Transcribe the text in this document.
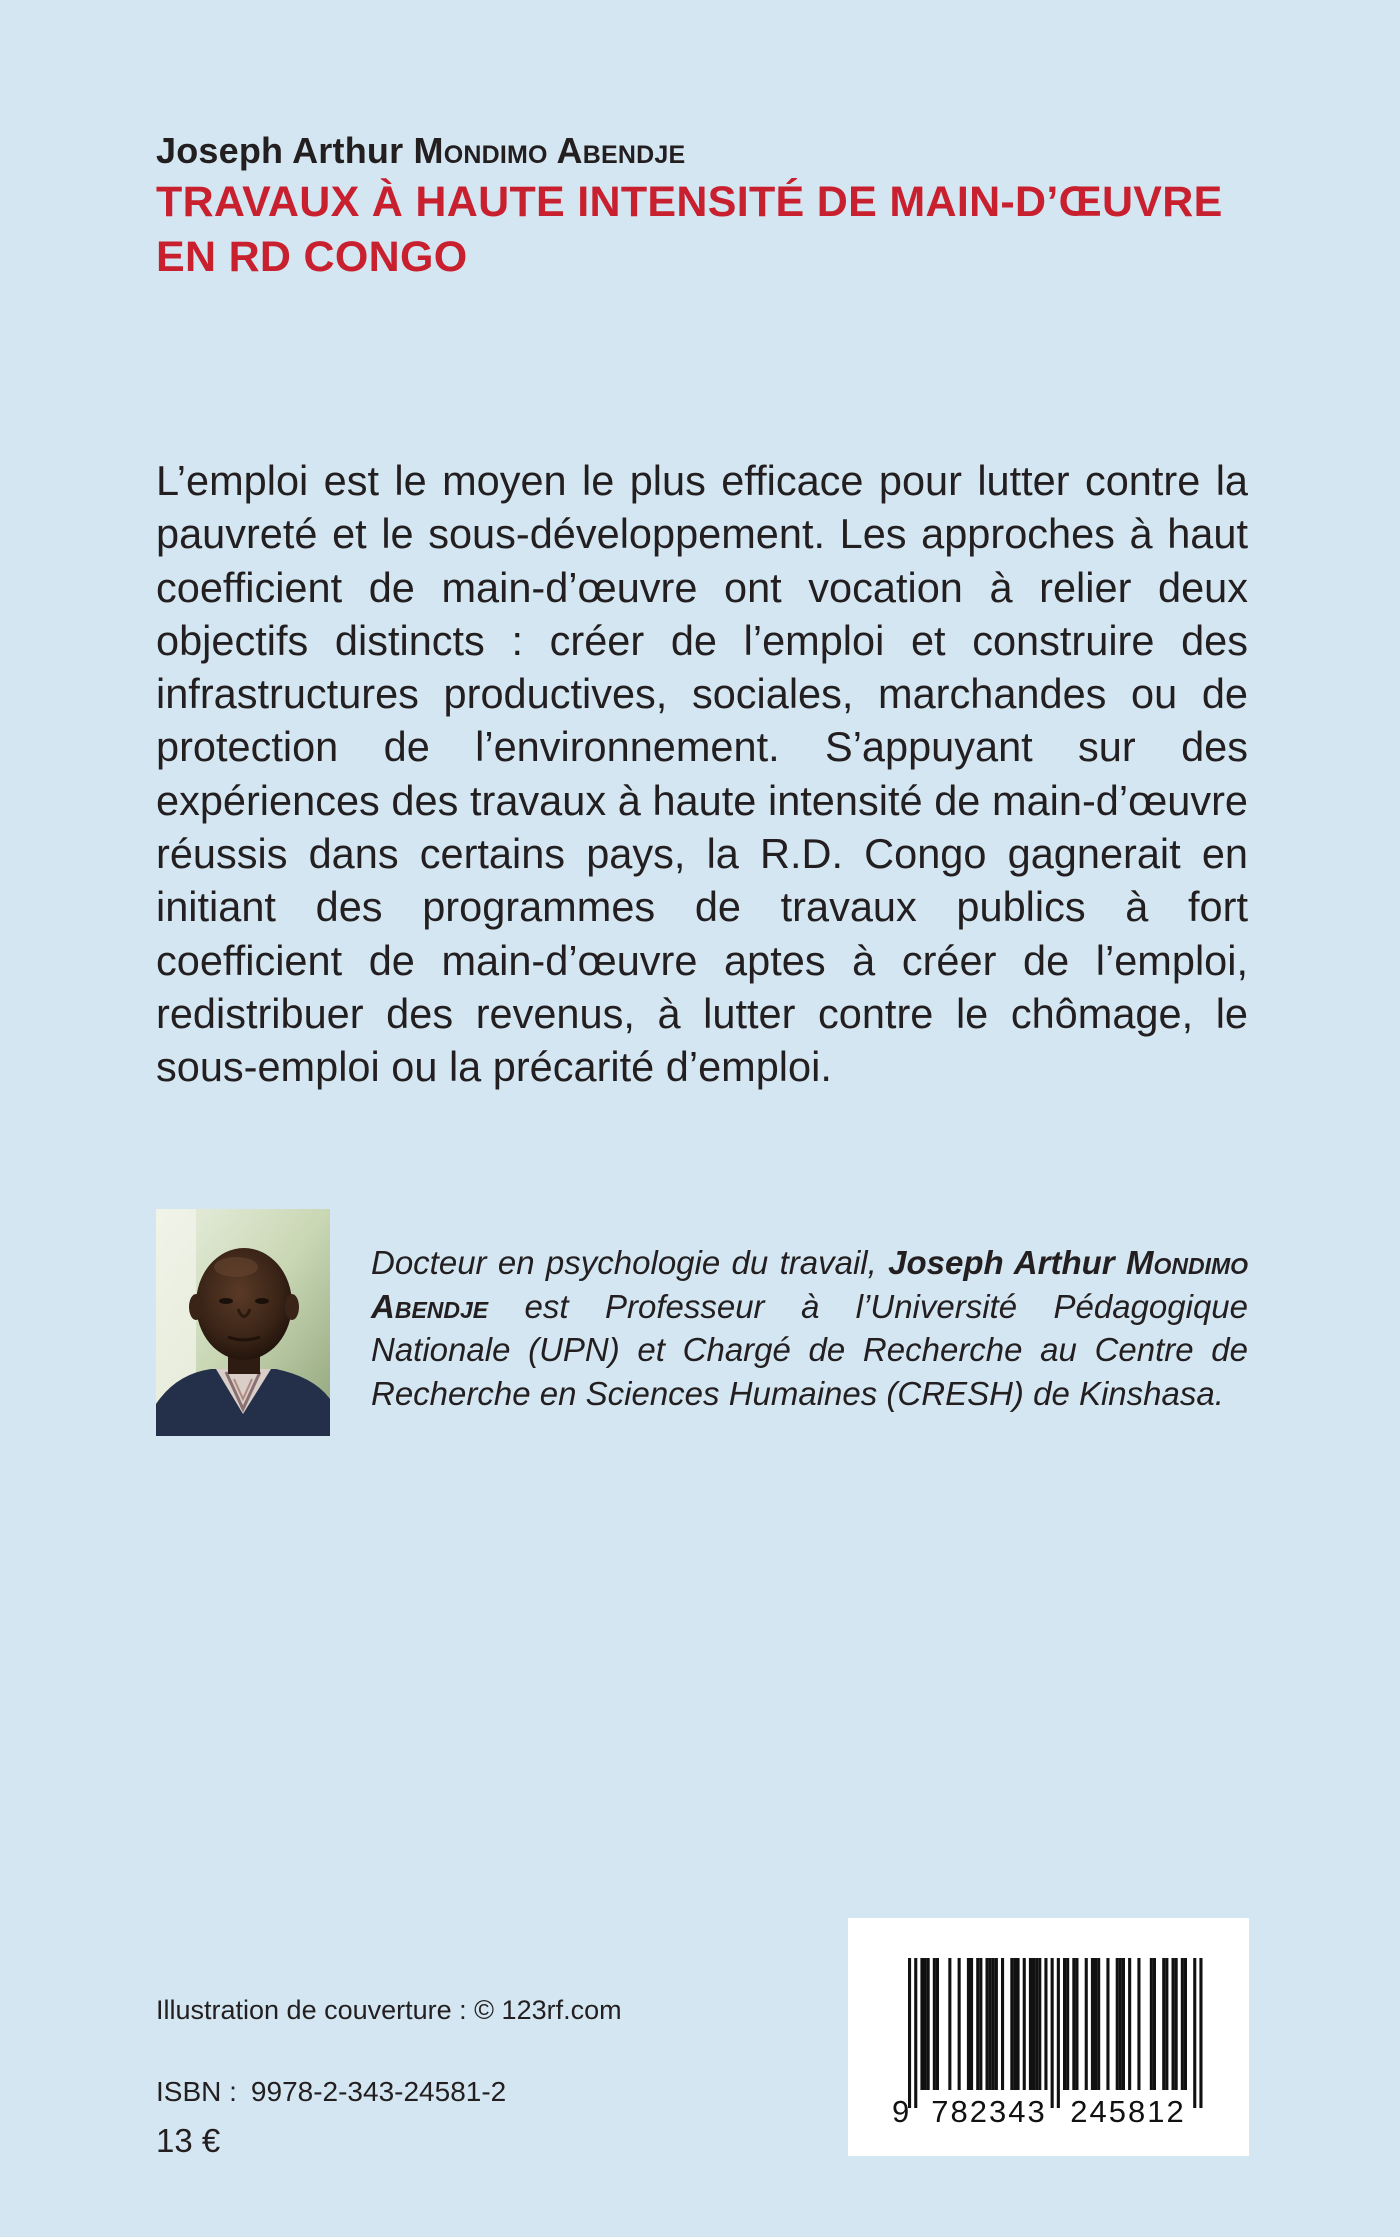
Joseph Arthur Mondimo Abendje
TRAVAUX À HAUTE INTENSITÉ DE MAIN-D’ŒUVRE
EN RD CONGO

L’emploi est le moyen le plus efficace pour lutter contre la pauvreté et le sous-développement. Les approches à haut coefficient de main-d’œuvre ont vocation à relier deux objectifs distincts : créer de l’emploi et construire des infrastructures productives, sociales, marchandes ou de protection de l’environnement. S’appuyant sur des expériences des travaux à haute intensité de main-d’œuvre réussis dans certains pays, la R.D. Congo gagnerait en initiant des programmes de travaux publics à fort coefficient de main-d’œuvre aptes à créer de l’emploi, redistribuer des revenus, à lutter contre le chômage, le sous-emploi ou la précarité d’emploi.

Docteur en psychologie du travail, Joseph Arthur Mondimo Abendje est Professeur à l’Université Pédagogique Nationale (UPN) et Chargé de Recherche au Centre de Recherche en Sciences Humaines (CRESH) de Kinshasa.

Illustration de couverture : © 123rf.com
ISBN : 9978-2-343-24581-2
13 €
9 782343 245812
